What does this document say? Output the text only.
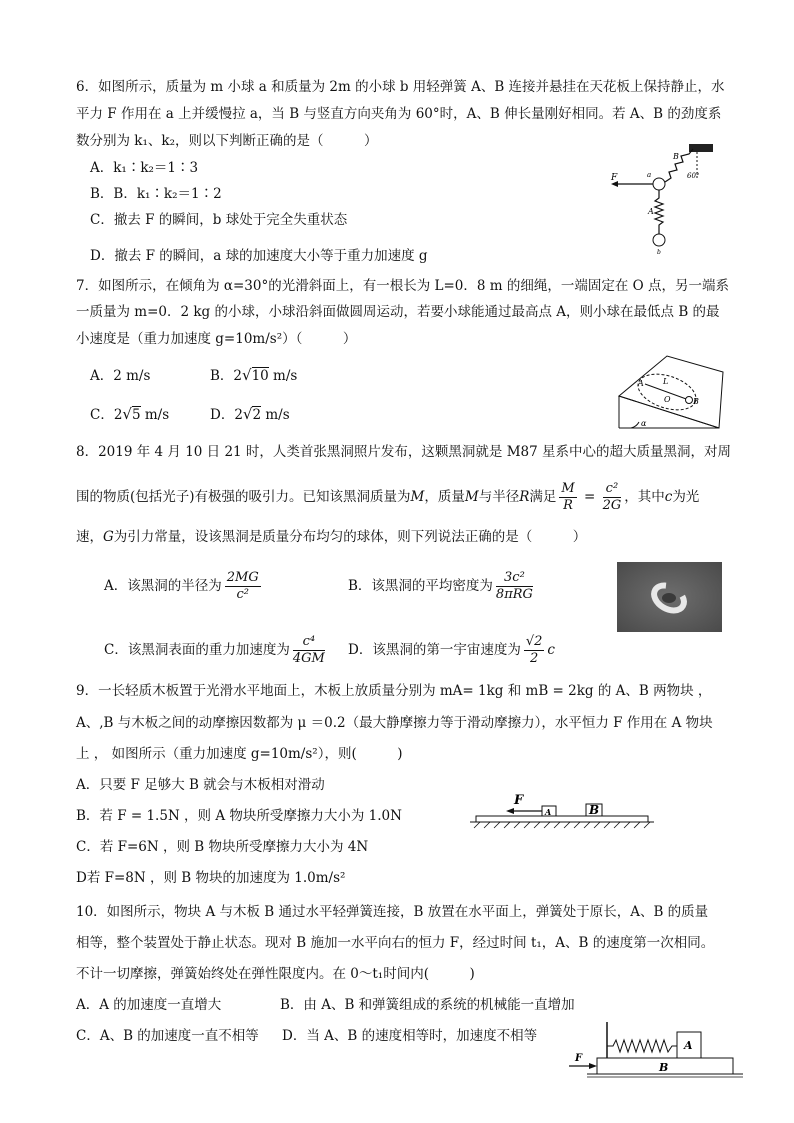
6．如图所示，质量为 m 小球 a 和质量为 2m 的小球 b 用轻弹簧 A、B 连接并悬挂在天花板上保持静止，水
平力 F 作用在 a 上并缓慢拉 a，当 B 与竖直方向夹角为 60°时，A、B 伸长量刚好相同。若 A、B 的劲度系
数分别为 k₁、k₂，则以下判断正确的是（　　　）
A．k₁∶k₂＝1∶3
B．B．k₁∶k₂＝1∶2
C．撤去 F 的瞬间，b 球处于完全失重状态
D．撤去 F 的瞬间，a 球的加速度大小等于重力加速度 g
F	a
B
60°
A
b
7．如图所示，在倾角为 α=30°的光滑斜面上，有一根长为 L=0．8 m 的细绳，一端固定在 O 点，另一端系
一质量为 m=0．2 kg 的小球，小球沿斜面做圆周运动，若要小球能通过最高点 A，则小球在最低点 B 的最
小速度是（重力加速度 g=10m/s²）（　　　）
A．2 m/s	B．2√10 m/s
C．2√5 m/s	D．2√2 m/s
A L
O	B
α
8．2019 年 4 月 10 日 21 时，人类首张黑洞照片发布，这颗黑洞就是 M87 星系中心的超大质量黑洞，对周
围的物质(包括光子)有极强的吸引力。已知该黑洞质量为M，质量M与半径R满足 $\frac{M}{R} = \frac{\text{c²}}{2G}$ ，其中c为光
速，G为引力常量，设该黑洞是质量分布均匀的球体，则下列说法正确的是（　　　）
A．该黑洞的半径为 $\frac{2MG}{\text{c²}}$	B．该黑洞的平均密度为 $\frac{\text{3c²}}{\text{8πRG}}$
C．该黑洞表面的重力加速度为 $\frac{\text{c⁴}}{4GM}$ D．该黑洞的第一宇宙速度为 $\frac{√2}{2}$ c
9．一长轻质木板置于光滑水平地面上，木板上放质量分别为 mA= 1kg 和 mB = 2kg 的 A、B 两物块 ，
A、,B 与木板之间的动摩擦因数都为 μ ＝0.2（最大静摩擦力等于滑动摩擦力），水平恒力 F 作用在 A 物块
上 ， 如图所示（重力加速度 g=10m/s²），则(　　　)
A．只要 F 足够大 B 就会与木板相对滑动
B．若 F = 1.5N ，则 A 物块所受摩擦力大小为 1.0N
C．若 F=6N ，则 B 物块所受摩擦力大小为 4N
D若 F=8N ，则 B 物块的加速度为 1.0m/s²
F
A	B
10．如图所示，物块 A 与木板 B 通过水平轻弹簧连接，B 放置在水平面上，弹簧处于原长，A、B 的质量
相等，整个装置处于静止状态。现对 B 施加一水平向右的恒力 F，经过时间 t₁，A、B 的速度第一次相同。
不计一切摩擦，弹簧始终处在弹性限度内。在 0～t₁时间内(　　　)
A．A 的加速度一直增大	B．由 A、B 和弹簧组成的系统的机械能一直增加
C．A、B 的加速度一直不相等 D．当 A、B 的速度相等时，加速度不相等
A
F
B
